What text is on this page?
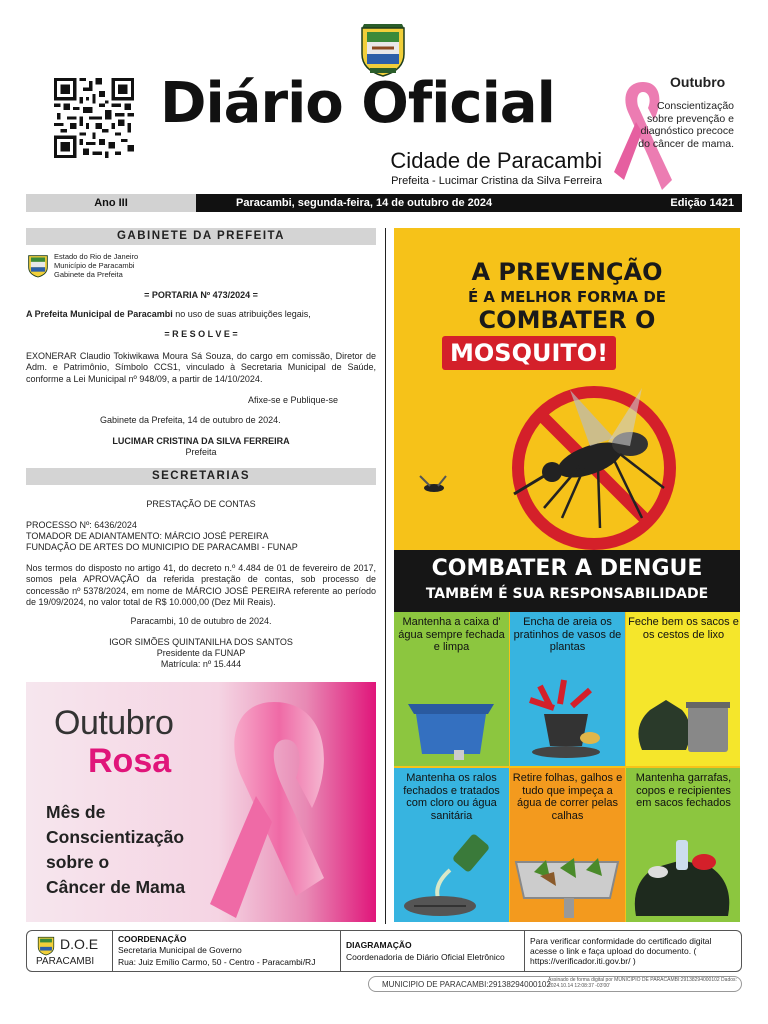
Diário Oficial
Cidade de Paracambi
Prefeita - Lucimar Cristina da Silva Ferreira
Outubro
Conscientização sobre prevenção e diagnóstico precoce do câncer de mama.
Ano III	Paracambi, segunda-feira, 14 de outubro de 2024	Edição 1421
GABINETE DA PREFEITA
Estado do Rio de Janeiro
Município de Paracambi
Gabinete da Prefeita
= PORTARIA Nº 473/2024 =
A Prefeita Municipal de Paracambi no uso de suas atribuições legais,
= R E S O L V E =
EXONERAR Claudio Tokiwikawa Moura Sá Souza, do cargo em comissão, Diretor de Adm. e Patrimônio, Símbolo CCS1, vinculado à Secretaria Municipal de Saúde, conforme a Lei Municipal nº 948/09, a partir de 14/10/2024.
Afixe-se e Publique-se
Gabinete da Prefeita, 14 de outubro de 2024.
LUCIMAR CRISTINA DA SILVA FERREIRA
Prefeita
SECRETARIAS
PRESTAÇÃO DE CONTAS
PROCESSO Nº: 6436/2024
TOMADOR DE ADIANTAMENTO: MÁRCIO JOSÉ PEREIRA
FUNDAÇÃO DE ARTES DO MUNICIPIO DE PARACAMBI - FUNAP
Nos termos do disposto no artigo 41, do decreto n.º 4.484 de 01 de fevereiro de 2017, somos pela APROVAÇÃO da referida prestação de contas, sob processo de concessão nº 5378/2024, em nome de MÁRCIO JOSÉ PEREIRA referente ao período de 19/09/2024, no valor total de R$ 10.000,00 (Dez Mil Reais).
Paracambi, 10 de outubro de 2024.
IGOR SIMÕES QUINTANILHA DOS SANTOS
Presidente da FUNAP
Matrícula: nº 15.444
Outubro
Rosa
Mês de
Conscientização
sobre o
Câncer de Mama
A PREVENÇÃO
É A MELHOR FORMA DE
COMBATER O
MOSQUITO!
COMBATER A DENGUE
TAMBÉM É SUA RESPONSABILIDADE
Mantenha a caixa d' água sempre fechada e limpa
Encha de areia os pratinhos de vasos de plantas
Feche bem os sacos e os cestos de lixo
Mantenha os ralos fechados e tratados com cloro ou água sanitária
Retire folhas, galhos e tudo que impeça a água de correr pelas calhas
Mantenha garrafas, copos e recipientes em sacos fechados
D.O.E
PARACAMBI
COORDENAÇÃO
Secretaria Municipal de Governo
Rua: Juiz Emílio Carmo, 50 - Centro - Paracambi/RJ
DIAGRAMAÇÃO
Coordenadoria de Diário Oficial Eletrônico
Para verificar conformidade do certificado digital acesse o link e faça upload do documento. ( https://verificador.iti.gov.br/ )
MUNICIPIO DE PARACAMBI:29138294000102
Assinado de forma digital por MUNICIPIO DE PARACAMBI:29138294000102 Dados: 2024.10.14 12:08:37 -03'00'
